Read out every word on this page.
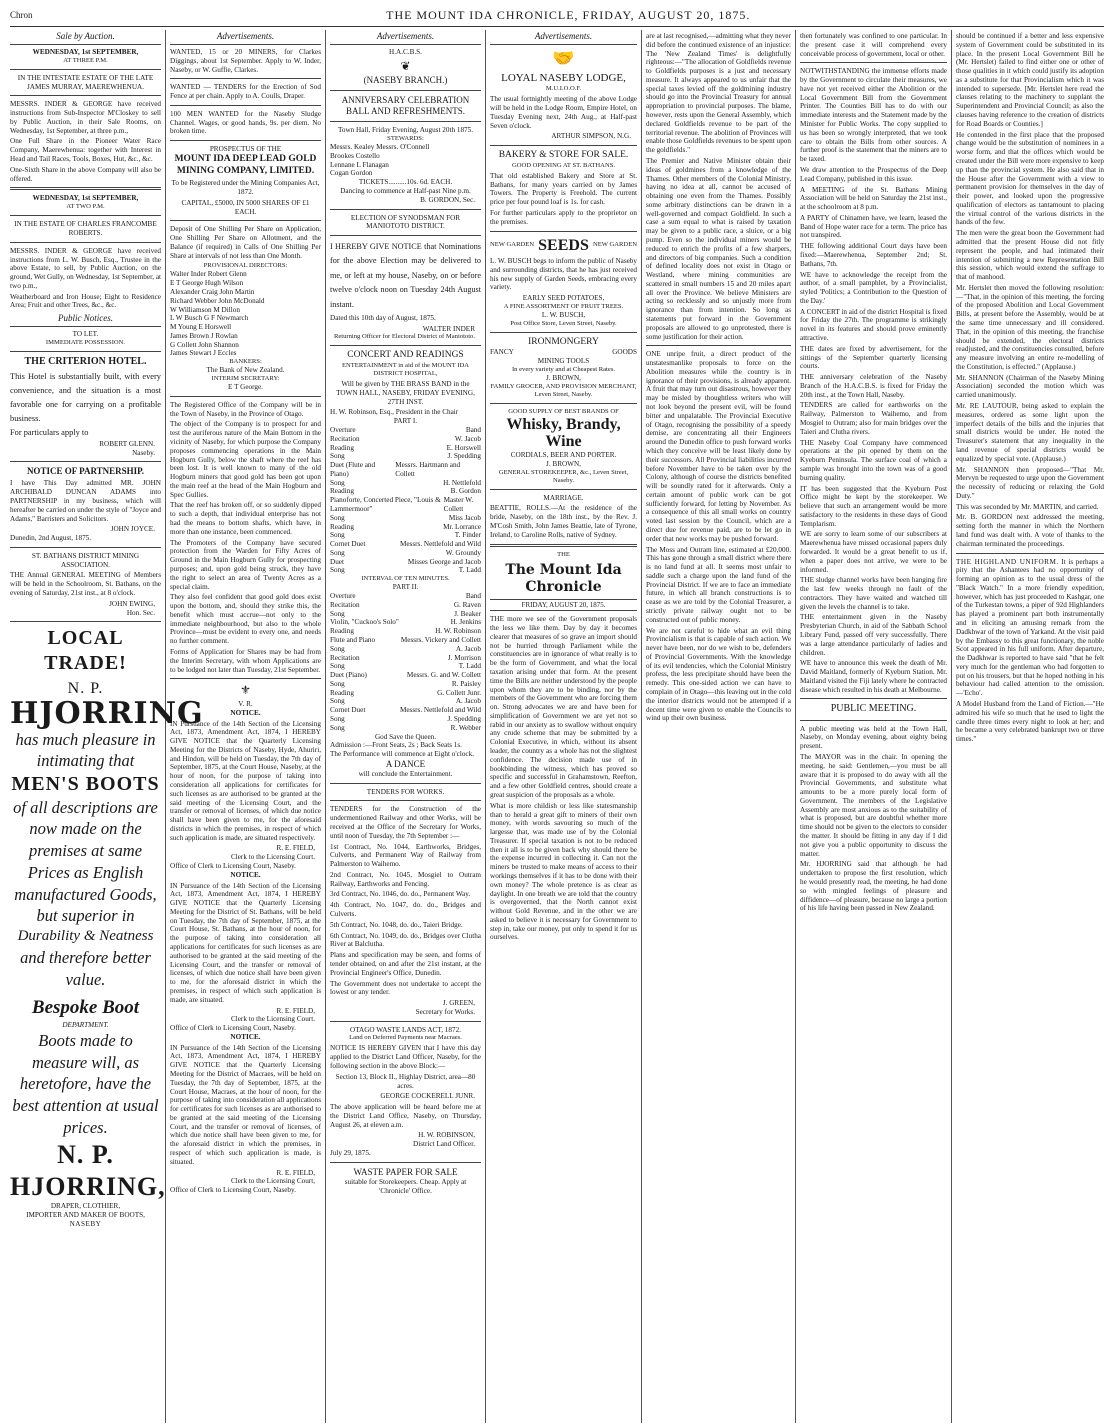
Chron	THE MOUNT IDA CHRONICLE, FRIDAY, AUGUST 20, 1875.
Sale by Auction.
WEDNESDAY, 1st SEPTEMBER,
AT THREE P.M.

IN THE INTESTATE ESTATE OF THE LATE JAMES MURRAY, MAEREWHENUA.

MESSRS. INDER & GEORGE have received instructions from Sub-Inspector M'Closkey to sell by Public Auction, in their Sale Rooms, on Wednesday, 1st September, at three p.m.,

One Full Share in the Pioneer Water Race Company, Maerewhenua: together with Interest in Head and Tail Races, Tools, Boxes, Hut, &c., &c.

One-Sixth Share in the above Company will also be offered.

WEDNESDAY, 1st SEPTEMBER,
AT TWO P.M.

IN THE ESTATE OF CHARLES FRANCOMBE ROBERTS.

MESSRS. INDER & GEORGE have received instructions from L. W. Busch, Esq., Trustee in the above Estate, to sell, by Public Auction, on the ground, Wet Gully, on Wednesday, 1st September, at two p.m.,

Weatherboard and Iron House; Eight to Residence Area; Fruit and other Trees, &c., &c.

Public Notices.
TO LET.
IMMEDIATE POSSESSION.
THE CRITERION HOTEL.

This Hotel is substantially built, with every convenience, and the situation is a most favorable one for carrying on a profitable business.

For particulars apply to

ROBERT GLENN.
Naseby.
NOTICE OF PARTNERSHIP.

I have This Day admitted MR. JOHN ARCHIBALD DUNCAN ADAMS into PARTNERSHIP in my business, which will hereafter be carried on under the style of "Joyce and Adams," Barristers and Solicitors.

JOHN JOYCE.
Dunedin, 2nd August, 1875.
ST. BATHANS DISTRICT MINING ASSOCIATION.

THE Annual GENERAL MEETING of Members will be held in the Schoolroom, St. Bathans, on the evening of Saturday, 21st inst., at 8 o'clock.

JOHN EWING,
Hon. Sec.
LOCAL TRADE!
N. P.
HJORRING
has much pleasure in intimating that
MEN'S BOOTS
of all descriptions are now made on the premises at same Prices as English manufactured Goods, but superior in
Durability & Neatness
and therefore better value.
Bespoke Boot
DEPARTMENT.
Boots made to measure will, as heretofore, have the best attention at usual prices.
N. P. HJORRING,
DRAPER, CLOTHIER,
IMPORTER AND MAKER OF BOOTS,
NASEBY
Advertisements.

WANTED, 15 or 20 MINERS, for Clarkes Diggings, about 1st September. Apply to W. Inder, Naseby, or W. Guffie, Clarkes.

WANTED — TENDERS for the Erection of Sod Fence at per chain. Apply to A. Coulls, Draper.

100 MEN WANTED for the Naseby Sludge Channel. Wages, or good hands, 9s. per diem. No broken time.

PROSPECTUS OF THE
MOUNT IDA DEEP LEAD GOLD MINING COMPANY, LIMITED.

To be Registered under the Mining Companies Act, 1872.

CAPITAL, £5000, IN 5000 SHARES OF £1 EACH.

Deposit of One Shilling Per Share on Application, One Shilling Per Share on Allotment, and the Balance (if required) in Calls of One Shilling Per Share at intervals of not less than One Month.

PROVISIONAL DIRECTORS:
Walter Inder Robert Glenn
E T George Hugh Wilson
Alexander Craig John Martin
Richard Webber John McDonald
W Williamson M Dillon
L W Busch G F Newmarch
M Young E Horswell
James Brown J Rowlan
G Collett John Shannon
James Stewart J Eccles
BANKERS:
The Bank of New Zealand.
INTERIM SECRETARY:
E T George.

The Registered Office of the Company will be in the Town of Naseby, in the Province of Otago.

The object of the Company is to prospect for and test the auriferous nature of the Main Bottom in the vicinity of Naseby, for which purpose the Company proposes commencing operations in the Main Hogburn Gully, below the shaft where the reef has been lost. It is well known to many of the old Hogburn miners that good gold has been got upon the main reef at the head of the Main Hogburn and Spec Gullies.

That the reef has broken off, or so suddenly dipped to such a depth, that individual enterprise has not had the means to bottom shafts, which have, in more than one instance, been commenced.

The Promoters of the Company have secured protection from the Warden for Fifty Acres of Ground in the Main Hogburn Gully for prospecting purposes; and, upon gold being struck, they have the right to select an area of Twenty Acres as a special claim.

They also feel confident that good gold does exist upon the bottom, and, should they strike this, the benefit which must accrue—not only to the immediate neighbourhood, but also to the whole Province—must be evident to every one, and needs no further comment.

Forms of Application for Shares may be had from the Interim Secretary, with whom Applications are to be lodged not later than Tuesday, 21st September.

⚜
V. R.
NOTICE.

IN Pursuance of the 14th Section of the Licensing Act, 1873, Amendment Act, 1874, I HEREBY GIVE NOTICE that the Quarterly Licensing Meeting for the Districts of Naseby, Hyde, Ahuriri, and Hindon, will be held on Tuesday, the 7th day of September, 1875, at the Court House, Naseby, at the hour of noon, for the purpose of taking into consideration all applications for certificates for such licenses as are authorised to be granted at the said meeting of the Licensing Court, and the transfer or removal of licenses, of which due notice shall have been given to me, for the aforesaid districts in which the premises, in respect of which such application is made, are situated respectively.

R. E. FIELD,
Clerk to the Licensing Court.
Office of Clerk to Licensing Court, Naseby.
NOTICE.

IN Pursuance of the 14th Section of the Licensing Act, 1873, Amendment Act, 1874, I HEREBY GIVE NOTICE that the Quarterly Licensing Meeting for the District of St. Bathans, will be held on Tuesday, the 7th day of September, 1875, at the Court House, St. Bathans, at the hour of noon, for the purpose of taking into consideration all applications for certificates for such licenses as are authorised to be granted at the said meeting of the Licensing Court, and the transfer or removal of licenses, of which due notice shall have been given to me, for the aforesaid district in which the premises, in respect of which such application is made, are situated.

R. E. FIELD,
Clerk to the Licensing Court.
Office of Clerk to Licensing Court, Naseby.
NOTICE.

IN Pursuance of the 14th Section of the Licensing Act, 1873, Amendment Act, 1874, I HEREBY GIVE NOTICE that the Quarterly Licensing Meeting for the District of Macraes, will be held on Tuesday, the 7th day of September, 1875, at the Court House, Macraes, at the hour of noon, for the purpose of taking into consideration all applications for certificates for such licenses as are authorised to be granted at the said meeting of the Licensing Court, and the transfer or removal of licenses, of which due notice shall have been given to me, for the aforesaid district in which the premises, in respect of which such application is made, is situated.

R. E. FIELD,
Clerk to the Licensing Court,
Office of Clerk to Licensing Court, Naseby.
Advertisements.
H.A.C.B.S.
❦
(NASEBY BRANCH.)
ANNIVERSARY CELEBRATION BALL AND REFRESHMENTS.
Town Hall, Friday Evening, August 20th 1875.
STEWARDS:
Messrs. Kealey Messrs. O'Connell
Brookes Costello
Lennane L Flanagan
Cogan Gordon
TICKETS..........10s. 6d. EACH.
Dancing to commence at Half-past Nine p.m.
B. GORDON, Sec.
ELECTION OF SYNODSMAN FOR MANIOTOTO DISTRICT.

I HEREBY GIVE NOTICE that Nominations for the above Election may be delivered to me, or left at my house, Naseby, on or before twelve o'clock noon on Tuesday 24th August instant.

Dated this 10th day of August, 1875.

WALTER INDER
Returning Officer for Electoral District of Maniototo.
CONCERT AND READINGS
ENTERTAINMENT in aid of the MOUNT IDA DISTRICT HOSPITAL,

Will be given by THE BRASS BAND in the TOWN HALL, NASEBY, FRIDAY EVENING, 27TH INST.

H. W. Robinson, Esq., President in the Chair
PART I.
Overture	Band
Recitation	W. Jacob
Reading	E. Horswell
Song	J. Spedding
Duet (Flute and Piano)
Messrs. Hartmann and Collett
Song	H. Nettlefold
Reading	B. Gordon
Pianoforte, Concerted Piece, "Louis & Lammermoor"
Master W. Collett
Song	Miss Jacob
Reading	Mr. Lorrance
Song	T. Finder
Cornet Duet	Messrs. Nettlefold and Wild
Song	W. Groundy
Duet	Misses George and Jacob
Song	T. Ladd
INTERVAL OF TEN MINUTES.
PART II.
Overture	Band
Recitation	G. Raven
Song	J. Beaker
Violin, "Cuckoo's Solo"	H. Jenkins
Reading	H. W. Robinson
Flute and Piano	Messrs. Vickery and Collett
Song	A. Jacob
Recitation	J. Morrison
Song	T. Ladd
Duet (Piano)	Messrs. G. and W. Collett
Song	R. Paisley
Reading	G. Collett Junr.
Song	A. Jacob
Cornet Duet	Messrs. Nettlefold and Wild
Song	J. Spedding
Song	R. Webber
God Save the Queen.
Admission :—Front Seats, 2s ; Back Seats 1s.
The Performance will commence at Eight o'clock.
A DANCE
will conclude the Entertainment.
TENDERS FOR WORKS.

TENDERS for the Construction of the undermentioned Railway and other Works, will be received at the Office of the Secretary for Works, until noon of Tuesday, the 7th September :—

1st Contract, No. 1044, Earthworks, Bridges, Culverts, and Permanent Way of Railway from Palmerston to Waihemo.

2nd Contract, No. 1045, Mosgiel to Outram Railway, Earthworks and Fencing.

3rd Contract, No. 1046, do. do., Permanent Way.

4th Contract, No. 1047, do. do., Bridges and Culverts.

5th Contract, No. 1048, do. do., Taieri Bridge.

6th Contract, No. 1049, do. do., Bridges over Clutha River at Balclutha.

Plans and specification may be seen, and forms of tender obtained, on and after the 21st instant, at the Provincial Engineer's Office, Dunedin.

The Government does not undertake to accept the lowest or any tender.

J. GREEN,
Secretary for Works.
OTAGO WASTE LANDS ACT, 1872.
Land on Deferred Payments near Macraes.

NOTICE IS HEREBY GIVEN that I have this day applied to the District Land Officer, Naseby, for the following section in the above Block:—

Section 13, Block II., Highlay District, area—80 acres.

GEORGE COCKERELL JUNR.

The above application will be heard before me at the District Land Office, Naseby, on Thursday, August 26, at eleven a.m.

H. W. ROBINSON,
District Land Officer.
July 29, 1875.
WASTE PAPER FOR SALE
suitable for Storekeepers. Cheap. Apply at 'Chronicle' Office.
Advertisements.
🤝
LOYAL NASEBY LODGE,
M.U.I.O.O.F.

The usual fortnightly meeting of the above Lodge will be held in the Lodge Room, Empire Hotel, on Tuesday Evening next, 24th Aug., at Half-past Seven o'clock.

ARTHUR SIMPSON, N.G.
BAKERY & STORE FOR SALE.
GOOD OPENING AT ST. BATHANS.

That old established Bakery and Store at St. Bathans, for many years carried on by James Towers. The Property is Freehold. The current price per four pound loaf is 1s. for cash.

For further particulars apply to the proprietor on the premises.

NEW GARDEN SEEDS NEW GARDEN

L. W. BUSCH begs to inform the public of Naseby and surrounding districts, that he has just received his new supply of Garden Seeds, embracing every variety.

EARLY SEED POTATOES,
A FINE ASSORTMENT OF FRUIT TREES.
L. W. BUSCH,
Post Office Store, Leven Street, Naseby.
IRONMONGERY
FANCY	GOODS
MINING TOOLS
In every variety and at Cheapest Rates.
J. BROWN,
FAMILY GROCER, AND PROVISION MERCHANT, Leven Street, Naseby.
GOOD SUPPLY OF BEST BRANDS OF
Whisky, Brandy, Wine
CORDIALS, BEER AND PORTER.
J. BROWN,
GENERAL STOREKEEPER, &c., Leven Street, Naseby.
MARRIAGE.

BEATTIE, ROLLS.—At the residence of the bride, Naseby, on the 18th inst., by the Rev. J. M'Cosh Smith, John James Beattie, late of Tyrone, Ireland, to Caroline Rolls, native of Sydney.

THE
The Mount Ida Chronicle
FRIDAY, AUGUST 20, 1875.

THE more we see of the Government proposals the less we like them. Day by day it becomes clearer that measures of so grave an import should not be hurried through Parliament while the constituencies are in ignorance of what really is to be the form of Government, and what the local taxation arising under that form. At the present time the Bills are neither understood by the people upon whom they are to be binding, nor by the members of the Government who are forcing them on. Strong advocates we are and have been for simplification of Government we are yet not so rabid in our anxiety as to swallow without enquiry any crude scheme that may be submitted by a Colonial Executive, in which, without its absent leader, the country as a whole has not the slightest confidence. The decision made use of in bookbinding the witness, which has proved so specific and successful in Grahamstown, Reefton, and a few other Goldfield centres, should create a great suspicion of the proposals as a whole.

What is more childish or less like statesmanship than to herald a great gift to miners of their own money, with words savouring so much of the largesse that, was made use of by the Colonial Treasurer. If special taxation is not to be reduced then it all is to be given back why should there be the expense incurred in collecting it. Can not the miners be trusted to make means of access to their workings themselves if it has to be done with their own money? The whole pretence is as clear as daylight. In one breath we are told that the country is overgoverned, that the North cannot exist without Gold Revenue, and in the other we are asked to believe it is necessary for Government to step in, take our money, put only to spend it for us ourselves.

are at last recognised,—admitting what they never did before the continued existence of an injustice: The 'New Zealand Times' is delightfully righteous:—"The allocation of Goldfields revenue to Goldfields purposes is a just and necessary measure. It always appeared to us unfair that the special taxes levied off the goldmining industry should go into the Provincial Treasury for annual appropriation to provincial purposes. The blame, however, rests upon the General Assembly, which declared Goldfields revenue to be part of the territorial revenue. The abolition of Provinces will enable those Goldfields revenues to be spent upon the goldfields."

The Premier and Native Minister obtain their ideas of goldmines from a knowledge of the Thames. Other members of the Colonial Ministry, having no idea at all, cannot be accused of obtaining one even from the Thames. Possibly some arbitrary distinctions can be drawn in a well-governed and compact Goldfield. In such a case a sum equal to what is raised by taxation may be given to a public race, a sluice, or a big pump. Even so the individual miners would be reduced to enrich the profits of a few sharpers, and directors of big companies. Such a condition of defined locality does not exist in Otago or Westland, where mining communities are scattered in small numbers 15 and 20 miles apart all over the Province. We believe Ministers are acting so recklessly and so unjustly more from ignorance than from intention. So long as statements put forward in the Government proposals are allowed to go unprotested, there is some justification for their action.

ONE unripe fruit, a direct product of the unstatesmanlike proposals to force on the Abolition measures while the country is in ignorance of their provisions, is already apparent. A fruit that may turn out disastrous, however they may be misled by thoughtless writers who will not look beyond the present evil, will be found bitter and unpalatable. The Provincial Executive of Otago, recognising the possibility of a speedy demise, are concentrating all their Engineers around the Dunedin office to push forward works which they conceive will be least likely done by their successors. All Provincial liabilities incurred before November have to be taken over by the Colony, although of course the districts benefited will be soundly rated for it afterwards. Only a certain amount of public work can be got sufficiently forward, for letting by November. As a consequence of this all small works on country voted last session by the Council, which are a direct due for revenue paid, are to be let go in order that new works may be pushed forward.

The Moss and Outram line, estimated at £20,000. This has gone through a small district where there is no land fund at all. It seems most unfair to saddle such a charge upon the land fund of the Provincial District. If we are to face an immediate future, in which all branch constructions is to cease as we are told by the Colonial Treasurer, a strictly private railway ought not to be constructed out of public money.

We are not careful to hide what an evil thing Provincialism is that is capable of such action. We never have been, nor do we wish to be, defenders of Provincial Governments. With the knowledge of its evil tendencies, which the Colonial Ministry profess, the less precipitate should have been the remedy. This one-sided action we can have to complain of in Otago—this leaving out in the cold the interior districts would not be attempted if a decent time were given to enable the Councils to wind up their own business.

then fortunately was confined to one particular. In the present case it will comprehend every conceivable process of government, local or other.

NOTWITHSTANDING the immense efforts made by the Government to circulate their measures, we have not yet received either the Abolition or the Local Government Bill from the Government Printer. The Counties Bill has to do with our immediate interests and the Statement made by the Minister for Public Works. The copy supplied to us has been so wrongly interpreted, that we took care to obtain the Bills from other sources. A further proof is the statement that the miners are to be taxed.

We draw attention to the Prospectus of the Deep Lead Company, published in this issue.

A MEETING of the St. Bathans Mining Association will be held on Saturday the 21st inst., at the schoolroom at 8 p.m.

A PARTY of Chinamen have, we learn, leased the Band of Hope water race for a term. The price has not transpired.

THE following additional Court days have been fixed:—Maerewhenua, September 2nd; St. Bathans, 7th.

WE have to acknowledge the receipt from the author, of a small pamphlet, by a Provincialist, styled 'Politics; a Contribution to the Question of the Day.'

A CONCERT in aid of the district Hospital is fixed for Friday the 27th. The programme is strikingly novel in its features and should prove eminently attractive.

THE dates are fixed by advertisement, for the sittings of the September quarterly licensing courts.

THE anniversary celebration of the Naseby Branch of the H.A.C.B.S. is fixed for Friday the 20th inst., at the Town Hall, Naseby.

TENDERS are called for earthworks on the Railway, Palmerston to Waihemo, and from Mosgiel to Outram; also for main bridges over the Taieri and Clutha rivers.

THE Naseby Coal Company have commenced operations at the pit opened by them on the Kyeburn Peninsula. The surface coal of which a sample was brought into the town was of a good burning quality.

IT has been suggested that the Kyeburn Post Office might be kept by the storekeeper. We believe that such an arrangement would be more satisfactory to the residents in these days of Good Templarism.

WE are sorry to learn some of our subscribers at Maerewhenua have missed occasional papers duly forwarded. It would be a great benefit to us if, when a paper does not arrive, we were to be informed.

THE sludge channel works have been hanging fire the last few weeks through no fault of the contractors. They have waited and watched till given the levels the channel is to take.

THE entertainment given in the Naseby Presbyterian Church, in aid of the Sabbath School Library Fund, passed off very successfully. There was a large attendance particularly of ladies and children.

WE have to announce this week the death of Mr. David Maitland, formerly of Kyeburn Station. Mr. Maitland visited the Fiji lately where he contracted disease which resulted in his death at Melbourne.

PUBLIC MEETING.

A public meeting was held at the Town Hall, Naseby, on Monday evening, about eighty being present.

The MAYOR was in the chair. In opening the meeting, he said: Gentlemen,—you must be all aware that it is proposed to do away with all the Provincial Governments, and substitute what amounts to be a more purely local form of Government. The members of the Legislative Assembly are most anxious as to the suitability of what is proposed, but are doubtful whether more time should not be given to the electors to consider the matter. It should be fitting in any day if I did not give you a public opportunity to discuss the matter.

Mr. HJORRING said that although he had undertaken to propose the first resolution, which he would presently read, the meeting, he had done so with mingled feelings of pleasure and diffidence—of pleasure, because no large a portion of his life having been passed in New Zealand.

should be continued if a better and less expensive system of Government could be substituted in its place. In the present Local Government Bill he (Mr. Hertslet) failed to find either one or other of those qualities in it which could justify its adoption as a substitute for that Provincialism which it was intended to supersede. [Mr. Hertslet here read the clauses relating to the machinery to supplant the Superintendent and Provincial Council; as also the clauses having reference to the creation of districts for Road Boards or Counties.]

He contended in the first place that the proposed change would be the substitution of nominees in a worse form, and that the offices which would be created under the Bill were more expensive to keep up than the provincial system. He also said that in the House after the Government with a view to permanent provision for themselves in the day of their power, and looked upon the progressive qualification of electors as tantamount to placing the virtual control of the various districts in the hands of the few.

The men were the great boon the Government had admitted that the present House did not fitly represent the people, and had intimated their intention of submitting a new Representation Bill this session, which would extend the suffrage to that of manhood.

Mr. Hertslet then moved the following resolution:—"That, in the opinion of this meeting, the forcing of the proposed Abolition and Local Government Bills, at present before the Assembly, would be at the same time unnecessary and ill considered. That, in the opinion of this meeting, the franchise should be extended, the electoral districts readjusted, and the constituencies consulted, before any measure involving an entire re-modelling of the Constitution, is effected." (Applause.)

Mr. SHANNON (Chairman of the Naseby Mining Association) seconded the motion which was carried unanimously.

Mr. RE LAUTOUR, being asked to explain the measures, ordered as some light upon the imperfect details of the bills and the injuries that small districts would be under. He noted the Treasurer's statement that any inequality in the land revenue of special districts would be equalized by special vote. (Applause.)

Mr. SHANNON then proposed—"That Mr. Mervyn be requested to urge upon the Government the necessity of reducing or relaxing the Gold Duty."

This was seconded by Mr. MARTIN, and carried.

Mr. B. GORDON next addressed the meeting, setting forth the manner in which the Northern land fund was dealt with. A vote of thanks to the chairman terminated the proceedings.

THE HIGHLAND UNIFORM. It is perhaps a pity that the Ashantees had no opportunity of forming an opinion as to the usual dress of the "Black Watch." In a more friendly expedition, however, which has just proceeded to Kashgar, one of the Turkestan towns, a piper of 92d Highlanders has played a prominent part both instrumentally and in eliciting an amusing remark from the Dadkhwar of the town of Yarkand. At the visit paid by the Embassy to this great functionary, the noble Scot appeared in his full uniform. After departure, the Dadkhwar is reported to have said "that he felt very much for the gentleman who had forgotten to put on his trousers, but that he hoped nothing in his behaviour had called attention to the omission.—'Echo'.

A Model Husband from the Land of Fiction.—"He admired his wife so much that he used to light the candle three times every night to look at her; and he became a very celebrated bankrupt two or three times."
